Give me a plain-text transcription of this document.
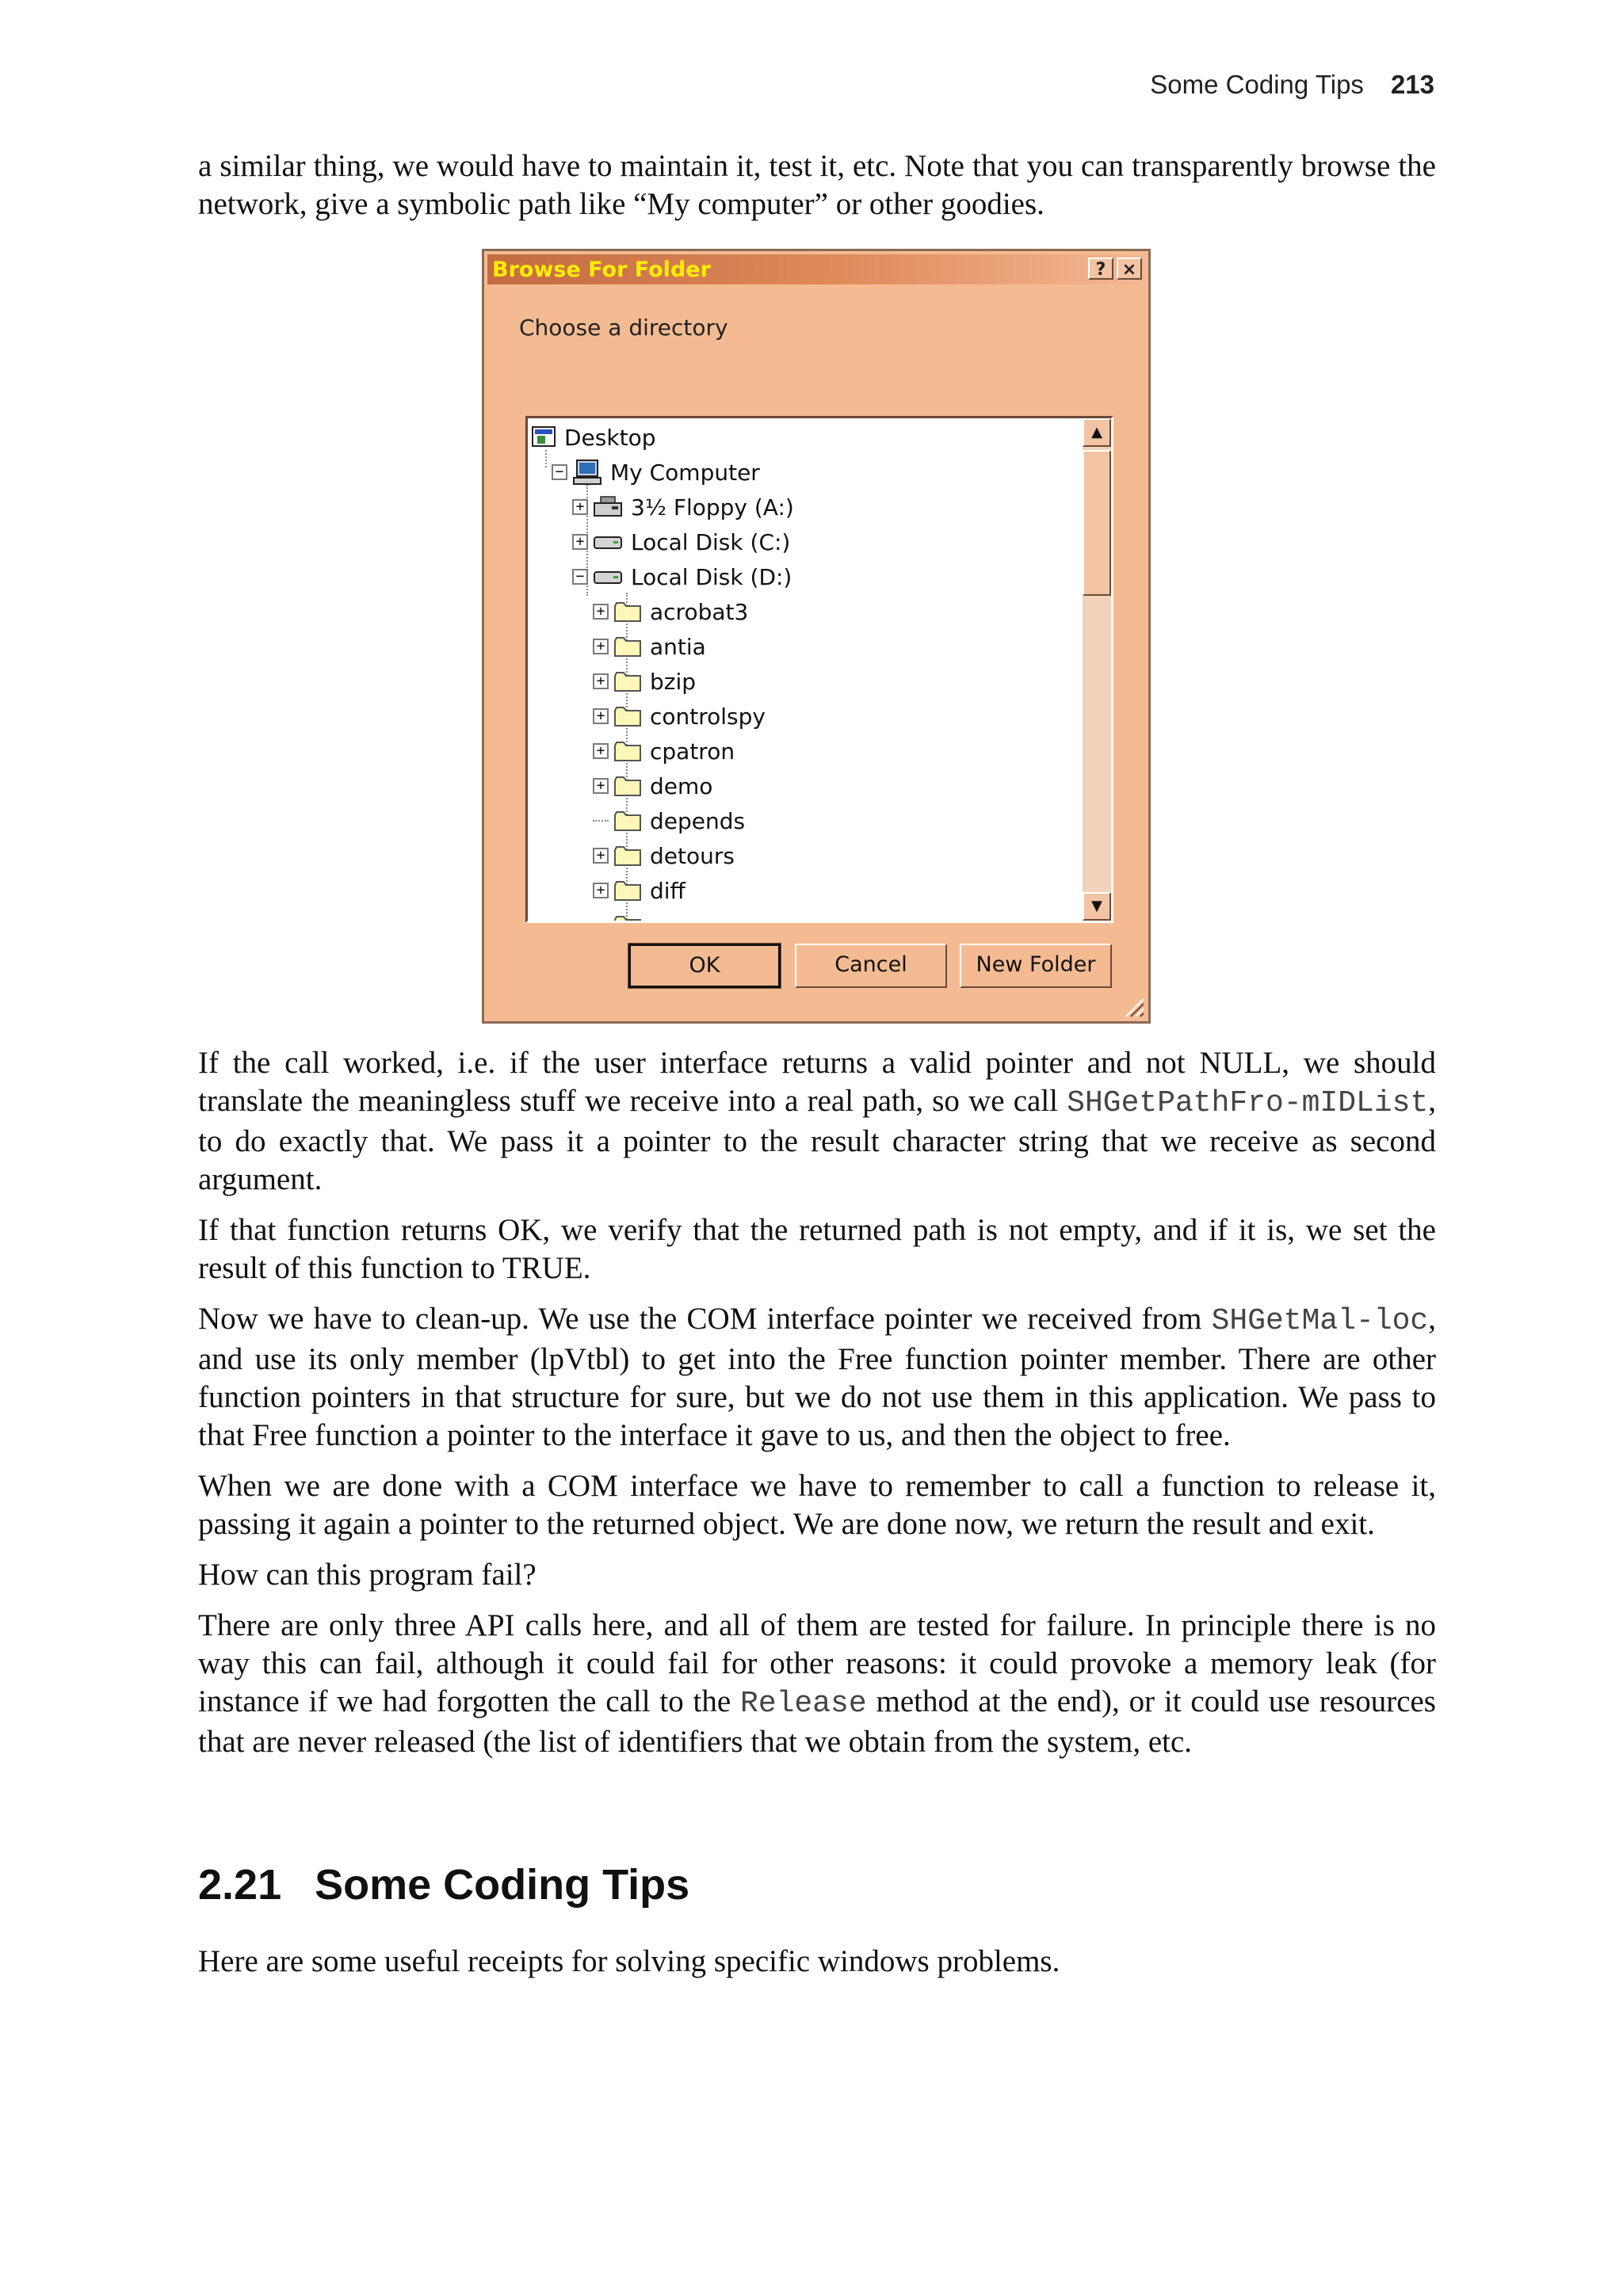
Some Coding Tips 213

a similar thing, we would have to maintain it, test it, etc. Note that you can transparently browse the network, give a symbolic path like “My computer” or other goodies.

Browse For Folder	? ×
Choose a directory
Desktop
− My Computer
+ 3½ Floppy (A:)
+ Local Disk (C:)
− Local Disk (D:)
+ acrobat3
+ antia
+ bzip
+ controlspy
+ cpatron
+ demo
depends
+ detours
+ diff
▲
▼
OK	Cancel	New Folder

If the call worked, i.e. if the user interface returns a valid pointer and not NULL, we should translate the meaningless stuff we receive into a real path, so we call SHGetPathFro-mIDList, to do exactly that. We pass it a pointer to the result character string that we receive as second argument.

If that function returns OK, we verify that the returned path is not empty, and if it is, we set the result of this function to TRUE.

Now we have to clean-up. We use the COM interface pointer we received from SHGetMal-loc, and use its only member (lpVtbl) to get into the Free function pointer member. There are other function pointers in that structure for sure, but we do not use them in this application. We pass to that Free function a pointer to the interface it gave to us, and then the object to free.

When we are done with a COM interface we have to remember to call a function to release it, passing it again a pointer to the returned object. We are done now, we return the result and exit.

How can this program fail?

There are only three API calls here, and all of them are tested for failure. In principle there is no way this can fail, although it could fail for other reasons: it could provoke a memory leak (for instance if we had forgotten the call to the Release method at the end), or it could use resources that are never released (the list of identifiers that we obtain from the system, etc.

2.21 Some Coding Tips

Here are some useful receipts for solving specific windows problems.
